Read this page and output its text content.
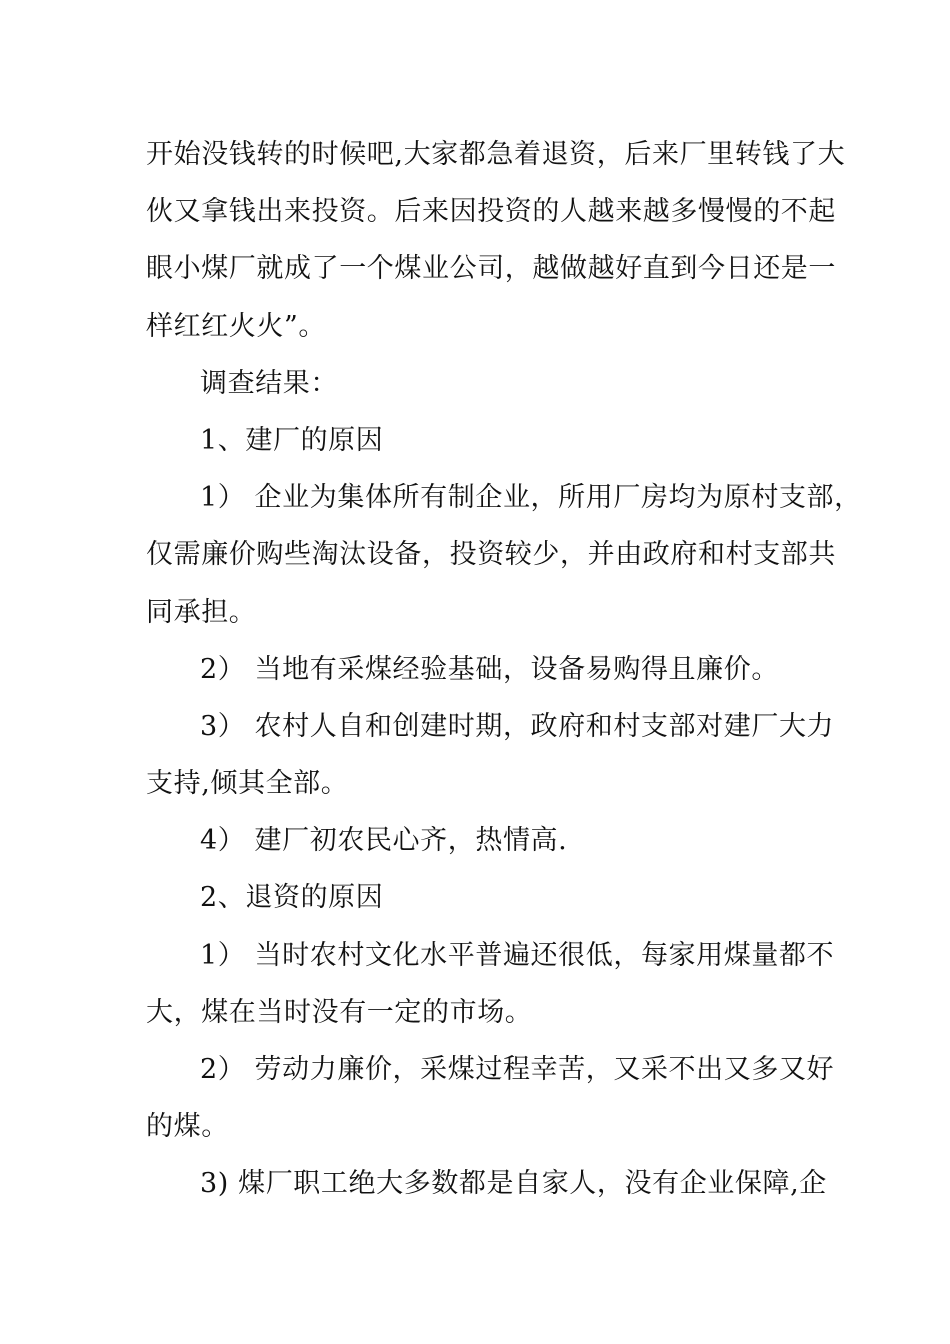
开始没钱转的时候吧,大家都急着退资，后来厂里转钱了大
伙又拿钱出来投资。后来因投资的人越来越多慢慢的不起
眼小煤厂就成了一个煤业公司，越做越好直到今日还是一
样红红火火”。
调查结果：
1、建厂的原因
1） 企业为集体所有制企业，所用厂房均为原村支部，
仅需廉价购些淘汰设备，投资较少，并由政府和村支部共
同承担。
2） 当地有采煤经验基础，设备易购得且廉价。
3） 农村人自和创建时期，政府和村支部对建厂大力
支持,倾其全部。
4） 建厂初农民心齐，热情高.
2、退资的原因
1） 当时农村文化水平普遍还很低，每家用煤量都不
大，煤在当时没有一定的市场。
2） 劳动力廉价，采煤过程幸苦，又采不出又多又好
的煤。
3) 煤厂职工绝大多数都是自家人，没有企业保障,企
